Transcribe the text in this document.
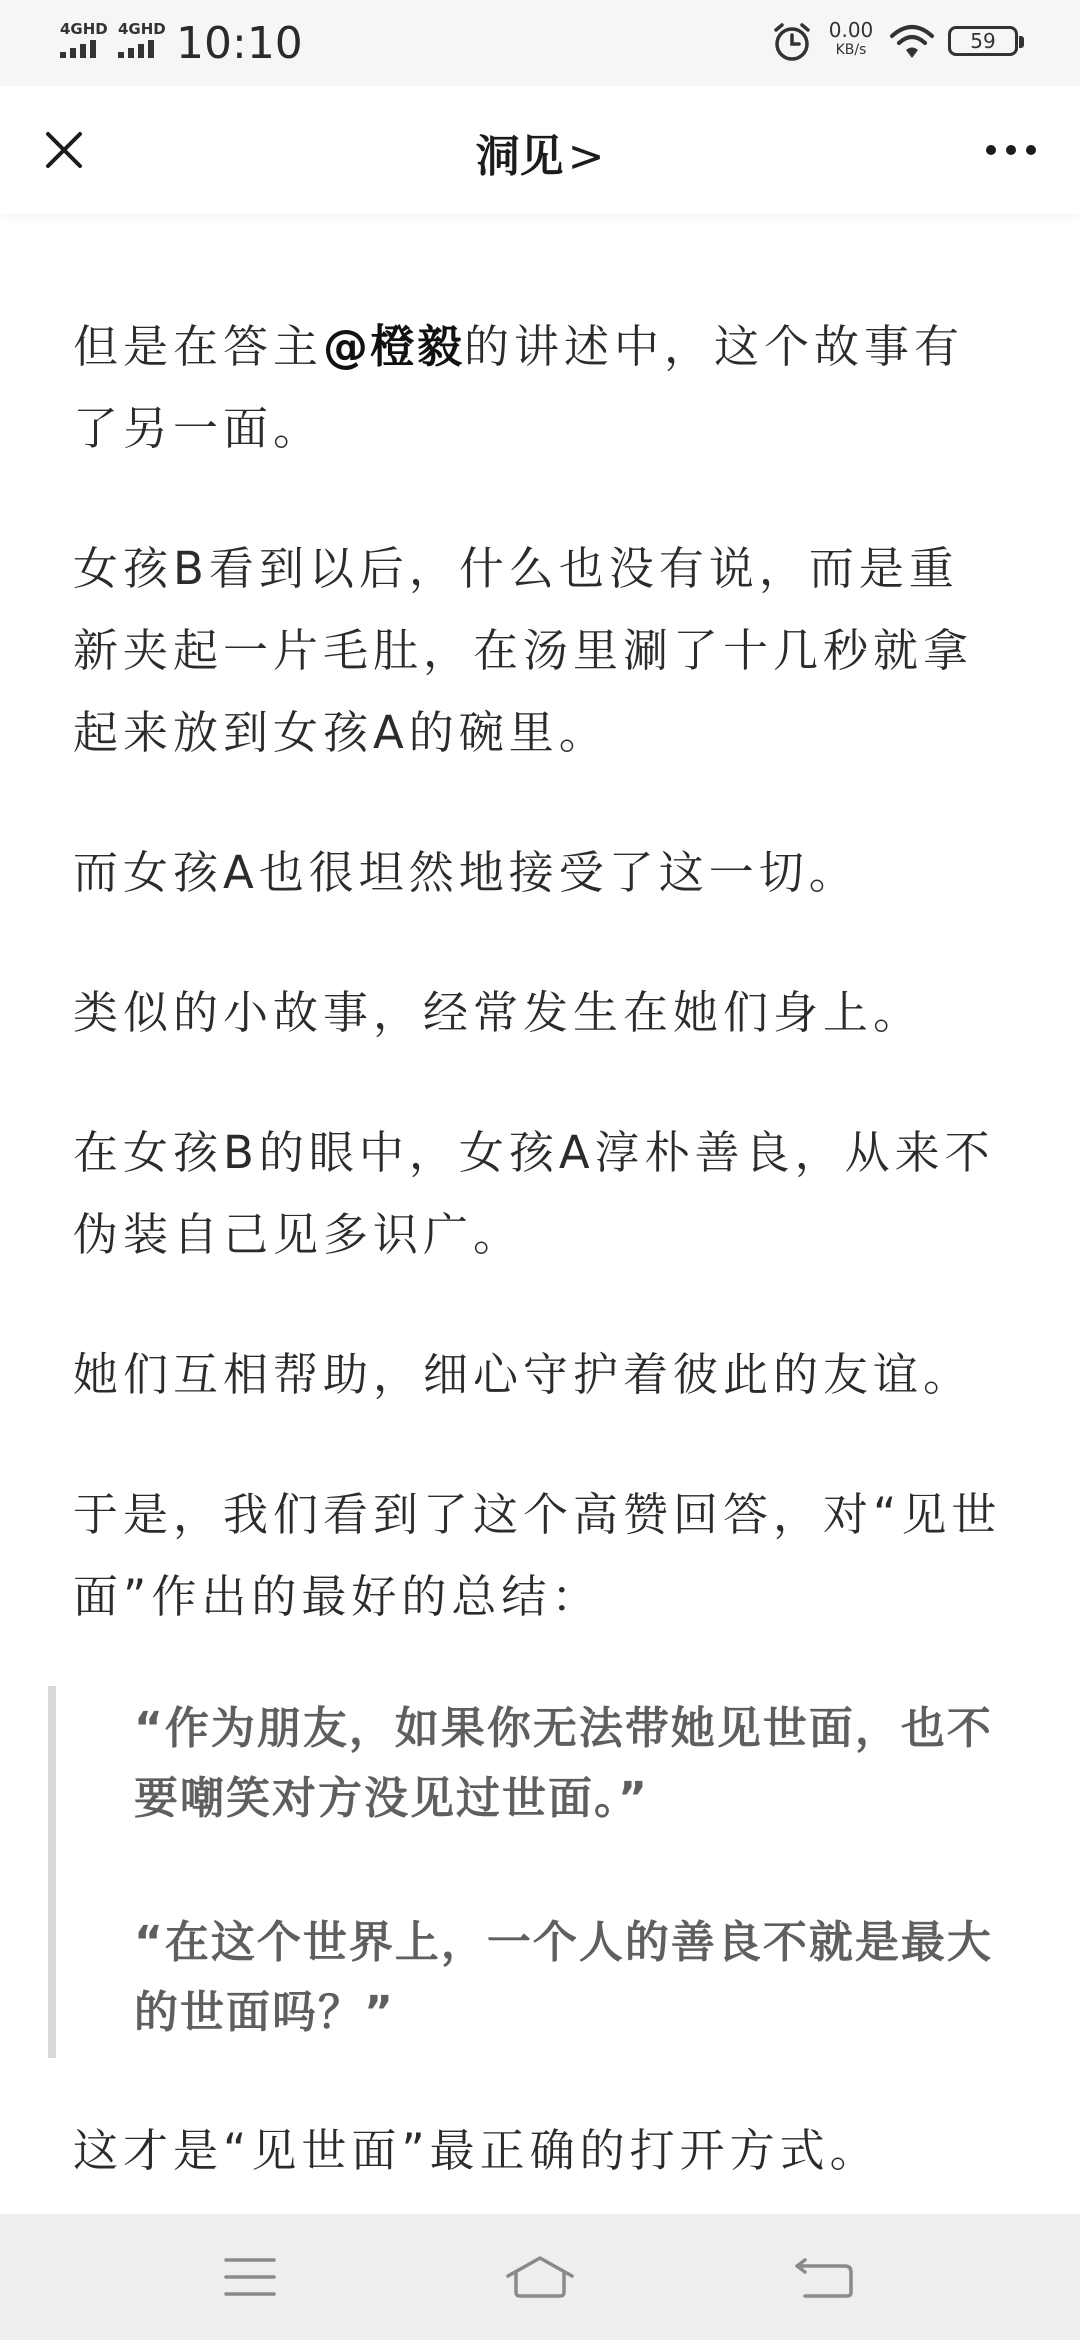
4GHD 4GHD 10:10	0.00
KB/s	59
洞见>

但是在答主@橙毅的讲述中，这个故事有了另一面。

女孩B看到以后，什么也没有说，而是重新夹起一片毛肚，在汤里涮了十几秒就拿起来放到女孩A的碗里。

而女孩A也很坦然地接受了这一切。

类似的小故事，经常发生在她们身上。

在女孩B的眼中，女孩A淳朴善良，从来不伪装自己见多识广。

她们互相帮助，细心守护着彼此的友谊。

于是，我们看到了这个高赞回答，对“见世面”作出的最好的总结：

“作为朋友，如果你无法带她见世面，也不要嘲笑对方没见过世面。”

“在这个世界上，一个人的善良不就是最大的世面吗？”

这才是“见世面”最正确的打开方式。
